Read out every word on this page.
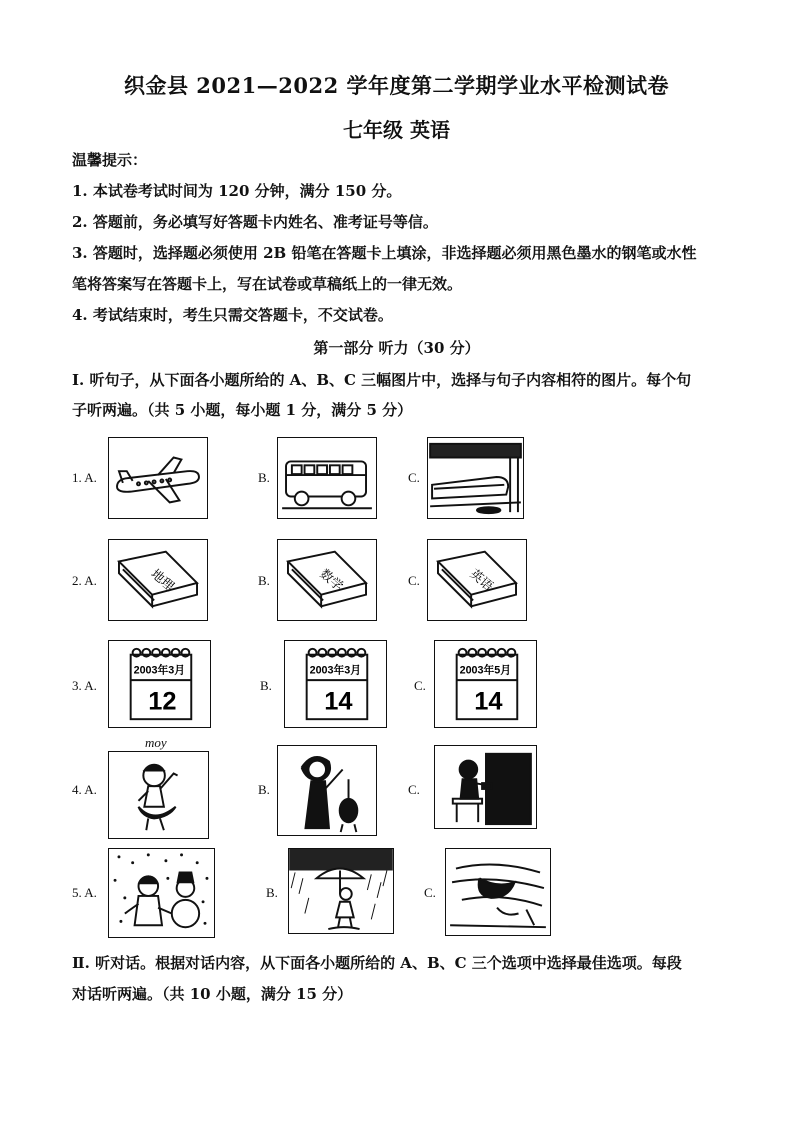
织金县 2021—2022 学年度第二学期学业水平检测试卷
七年级 英语
温馨提示：
1. 本试卷考试时间为 120 分钟，满分 150 分。
2. 答题前，务必填写好答题卡内姓名、准考证号等信。
3. 答题时，选择题必须使用 2B 铅笔在答题卡上填涂，非选择题必须用黑色墨水的钢笔或水性
笔将答案写在答题卡上，写在试卷或草稿纸上的一律无效。
4. 考试结束时，考生只需交答题卡，不交试卷。
第一部分 听力（30 分）
I. 听句子，从下面各小题所给的 A、B、C 三幅图片中，选择与句子内容相符的图片。每个句
子听两遍。（共 5 小题，每小题 1 分，满分 5 分）
1. A.	B.	C.
2. A.	地理	B.	数学	C.	英语
3. A.
2003年3月
12
B.
2003年3月
14
C.
2003年5月
14
4. A.
moy
B.	C.
5. A.	B.	C.
Ⅱ. 听对话。根据对话内容，从下面各小题所给的 A、B、C 三个选项中选择最佳选项。每段
对话听两遍。（共 10 小题，满分 15 分）
